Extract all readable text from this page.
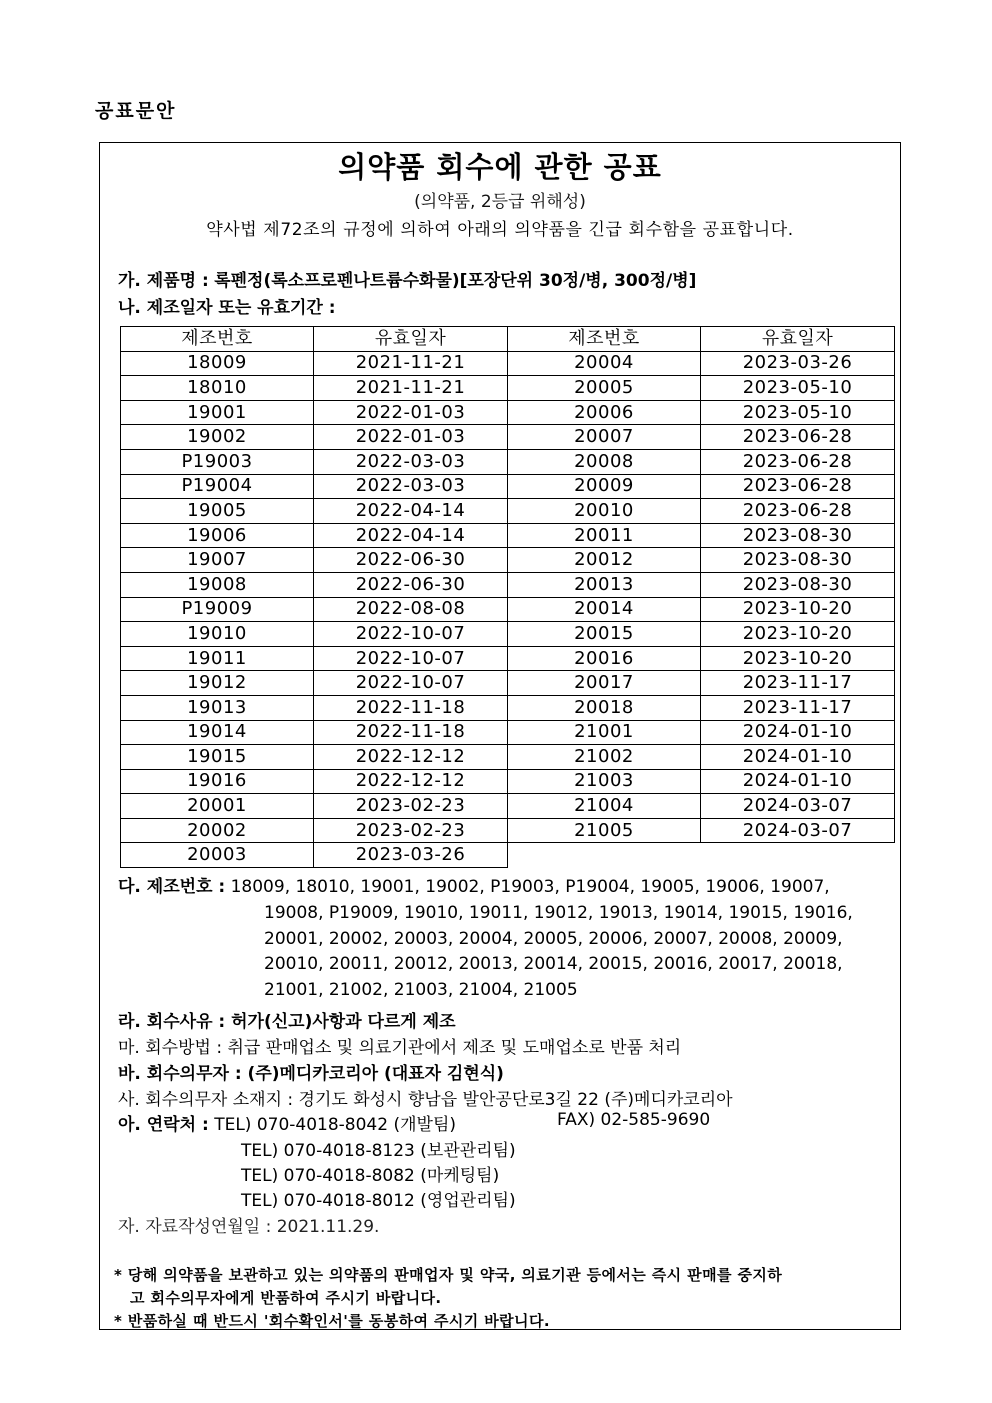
공표문안
의약품 회수에 관한 공표
(의약품, 2등급 위해성)
약사법 제72조의 규정에 의하여 아래의 의약품을 긴급 회수함을 공표합니다.
가. 제품명 : 록펜정(록소프로펜나트륨수화물)[포장단위 30정/병, 300정/병]
나. 제조일자 또는 유효기간 :
제조번호	유효일자	제조번호	유효일자
18009	2021-11-21	20004	2023-03-26
18010	2021-11-21	20005	2023-05-10
19001	2022-01-03	20006	2023-05-10
19002	2022-01-03	20007	2023-06-28
P19003	2022-03-03	20008	2023-06-28
P19004	2022-03-03	20009	2023-06-28
19005	2022-04-14	20010	2023-06-28
19006	2022-04-14	20011	2023-08-30
19007	2022-06-30	20012	2023-08-30
19008	2022-06-30	20013	2023-08-30
P19009	2022-08-08	20014	2023-10-20
19010	2022-10-07	20015	2023-10-20
19011	2022-10-07	20016	2023-10-20
19012	2022-10-07	20017	2023-11-17
19013	2022-11-18	20018	2023-11-17
19014	2022-11-18	21001	2024-01-10
19015	2022-12-12	21002	2024-01-10
19016	2022-12-12	21003	2024-01-10
20001	2023-02-23	21004	2024-03-07
20002	2023-02-23	21005	2024-03-07
20003	2023-03-26		
다. 제조번호 : 18009, 18010, 19001, 19002, P19003, P19004, 19005, 19006, 19007,
19008, P19009, 19010, 19011, 19012, 19013, 19014, 19015, 19016,
20001, 20002, 20003, 20004, 20005, 20006, 20007, 20008, 20009,
20010, 20011, 20012, 20013, 20014, 20015, 20016, 20017, 20018,
21001, 21002, 21003, 21004, 21005
라. 회수사유 : 허가(신고)사항과 다르게 제조
마. 회수방법 : 취급 판매업소 및 의료기관에서 제조 및 도매업소로 반품 처리
바. 회수의무자 : (주)메디카코리아 (대표자 김현식)
사. 회수의무자 소재지 : 경기도 화성시 향남읍 발안공단로3길 22 (주)메디카코리아
아. 연락처 : TEL) 070-4018-8042 (개발팀)	FAX) 02-585-9690
TEL) 070-4018-8123 (보관관리팀)
TEL) 070-4018-8082 (마케팅팀)
TEL) 070-4018-8012 (영업관리팀)
자. 자료작성연월일 : 2021.11.29.
* 당해 의약품을 보관하고 있는 의약품의 판매업자 및 약국, 의료기관 등에서는 즉시 판매를 중지하
고 회수의무자에게 반품하여 주시기 바랍니다.
* 반품하실 때 반드시 '회수확인서'를 동봉하여 주시기 바랍니다.
